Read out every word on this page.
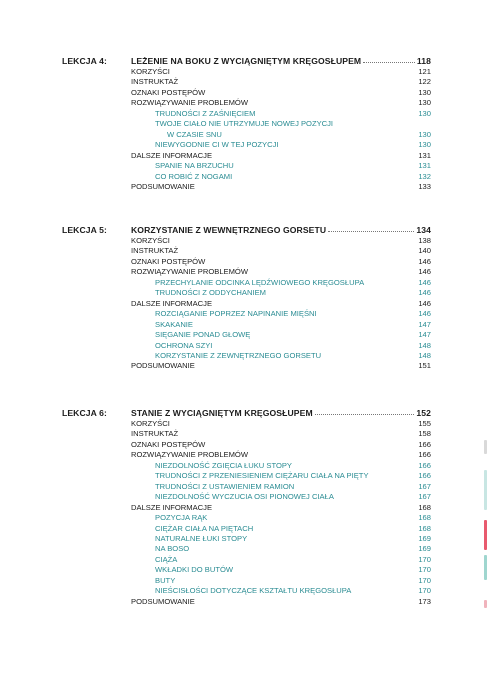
LEKCJA 4:	LEŻENIE NA BOKU Z WYCIĄGNIĘTYM KRĘGOSŁUPEM	118
KORZYŚCI	121
INSTRUKTAŻ	122
OZNAKI POSTĘPÓW	130
ROZWIĄZYWANIE PROBLEMÓW	130
TRUDNOŚCI Z ZAŚNIĘCIEM	130
TWOJE CIAŁO NIE UTRZYMUJE NOWEJ POZYCJI
W CZASIE SNU	130
NIEWYGODNIE CI W TEJ POZYCJI	130
DALSZE INFORMACJE	131
SPANIE NA BRZUCHU	131
CO ROBIĆ Z NOGAMI	132
PODSUMOWANIE	133
LEKCJA 5:	KORZYSTANIE Z WEWNĘTRZNEGO GORSETU	134
KORZYŚCI	138
INSTRUKTAŻ	140
OZNAKI POSTĘPÓW	146
ROZWIĄZYWANIE PROBLEMÓW	146
PRZECHYLANIE ODCINKA LĘDŹWIOWEGO KRĘGOSŁUPA	146
TRUDNOŚCI Z ODDYCHANIEM	146
DALSZE INFORMACJE	146
ROZCIĄGANIE POPRZEZ NAPINANIE MIĘŚNI	146
SKAKANIE	147
SIĘGANIE PONAD GŁOWĘ	147
OCHRONA SZYI	148
KORZYSTANIE Z ZEWNĘTRZNEGO GORSETU	148
PODSUMOWANIE	151
LEKCJA 6:	STANIE Z WYCIĄGNIĘTYM KRĘGOSŁUPEM	152
KORZYŚCI	155
INSTRUKTAŻ	158
OZNAKI POSTĘPÓW	166
ROZWIĄZYWANIE PROBLEMÓW	166
NIEZDOLNOŚĆ ZGIĘCIA ŁUKU STOPY	166
TRUDNOŚCI Z PRZENIESIENIEM CIĘŻARU CIAŁA NA PIĘTY	166
TRUDNOŚCI Z USTAWIENIEM RAMION	167
NIEZDOLNOŚĆ WYCZUCIA OSI PIONOWEJ CIAŁA	167
DALSZE INFORMACJE	168
POZYCJA RĄK	168
CIĘŻAR CIAŁA NA PIĘTACH	168
NATURALNE ŁUKI STOPY	169
NA BOSO	169
CIĄŻA	170
WKŁADKI DO BUTÓW	170
BUTY	170
NIEŚCISŁOŚCI DOTYCZĄCE KSZTAŁTU KRĘGOSŁUPA	170
PODSUMOWANIE	173
